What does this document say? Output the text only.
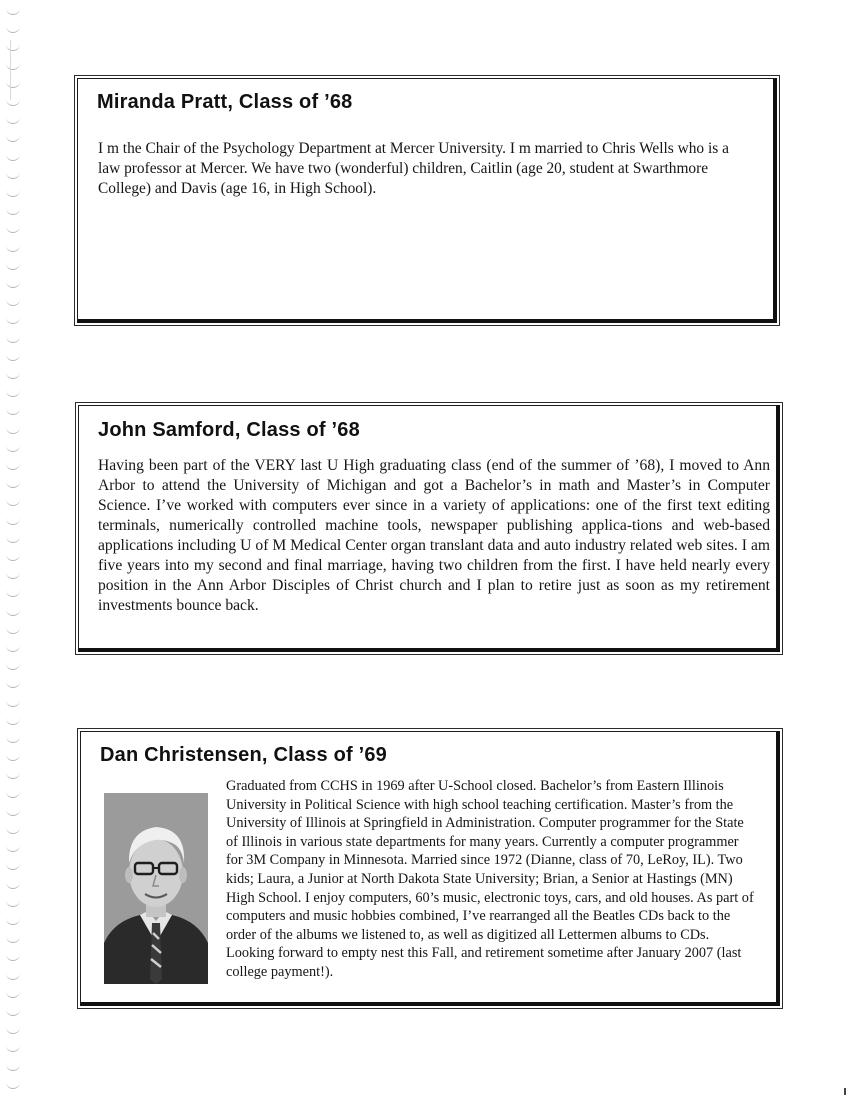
Miranda Pratt, Class of ’68

I m the Chair of the Psychology Department at Mercer University. I m married to Chris Wells who is a law professor at Mercer. We have two (wonderful) children, Caitlin (age 20, student at Swarthmore College) and Davis (age 16, in High School).

John Samford, Class of ’68

Having been part of the VERY last U High graduating class (end of the summer of ’68), I moved to Ann Arbor to attend the University of Michigan and got a Bachelor’s in math and Master’s in Computer Science. I’ve worked with computers ever since in a variety of applications: one of the first text editing terminals, numerically controlled machine tools, newspaper publishing applica-tions and web-based applications including U of M Medical Center organ translant data and auto industry related web sites. I am five years into my second and final marriage, having two children from the first. I have held nearly every position in the Ann Arbor Disciples of Christ church and I plan to retire just as soon as my retirement investments bounce back.

Dan Christensen, Class of ’69

Graduated from CCHS in 1969 after U-School closed. Bachelor’s from Eastern Illinois University in Political Science with high school teaching certification. Master’s from the University of Illinois at Springfield in Administration. Computer programmer for the State of Illinois in various state departments for many years. Currently a computer programmer for 3M Company in Minnesota. Married since 1972 (Dianne, class of 70, LeRoy, IL). Two kids; Laura, a Junior at North Dakota State University; Brian, a Senior at Hastings (MN) High School. I enjoy computers, 60’s music, electronic toys, cars, and old houses. As part of computers and music hobbies combined, I’ve rearranged all the Beatles CDs back to the order of the albums we listened to, as well as digitized all Lettermen albums to CDs. Looking forward to empty nest this Fall, and retirement sometime after January 2007 (last college payment!).
